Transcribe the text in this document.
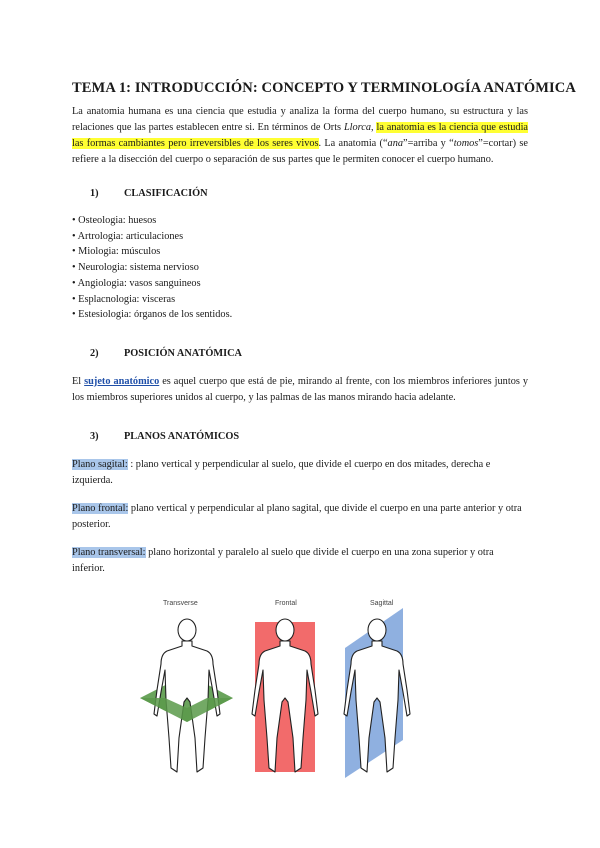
TEMA 1: INTRODUCCIÓN: CONCEPTO Y TERMINOLOGÍA ANATÓMICA
La anatomia humana es una ciencia que estudia y analiza la forma del cuerpo humano, su estructura y las relaciones que las partes establecen entre si. En términos de Orts Llorca, la anatomia es la ciencia que estudia las formas cambiantes pero irreversibles de los seres vivos. La anatomia (“ana”=arriba y “tomos”=cortar) se refiere a la disección del cuerpo o separación de sus partes que le permiten conocer el cuerpo humano.
1) CLASIFICACIÓN
• Osteologia: huesos
• Artrologia: articulaciones
• Miologia: músculos
• Neurologia: sistema nervioso
• Angiologia: vasos sanguineos
• Esplacnologia: visceras
• Estesiologia: órganos de los sentidos.
2) POSICIÓN ANATÓMICA
El sujeto anatómico es aquel cuerpo que está de pie, mirando al frente, con los miembros inferiores juntos y los miembros superiores unidos al cuerpo, y las palmas de las manos mirando hacia adelante.
3) PLANOS ANATÓMICOS
Plano sagital: : plano vertical y perpendicular al suelo, que divide el cuerpo en dos mitades, derecha e izquierda.
Plano frontal: plano vertical y perpendicular al plano sagital, que divide el cuerpo en una parte anterior y otra posterior.
Plano transversal: plano horizontal y paralelo al suelo que divide el cuerpo en una zona superior y otra inferior.
Transverse	Frontal	Sagittal
